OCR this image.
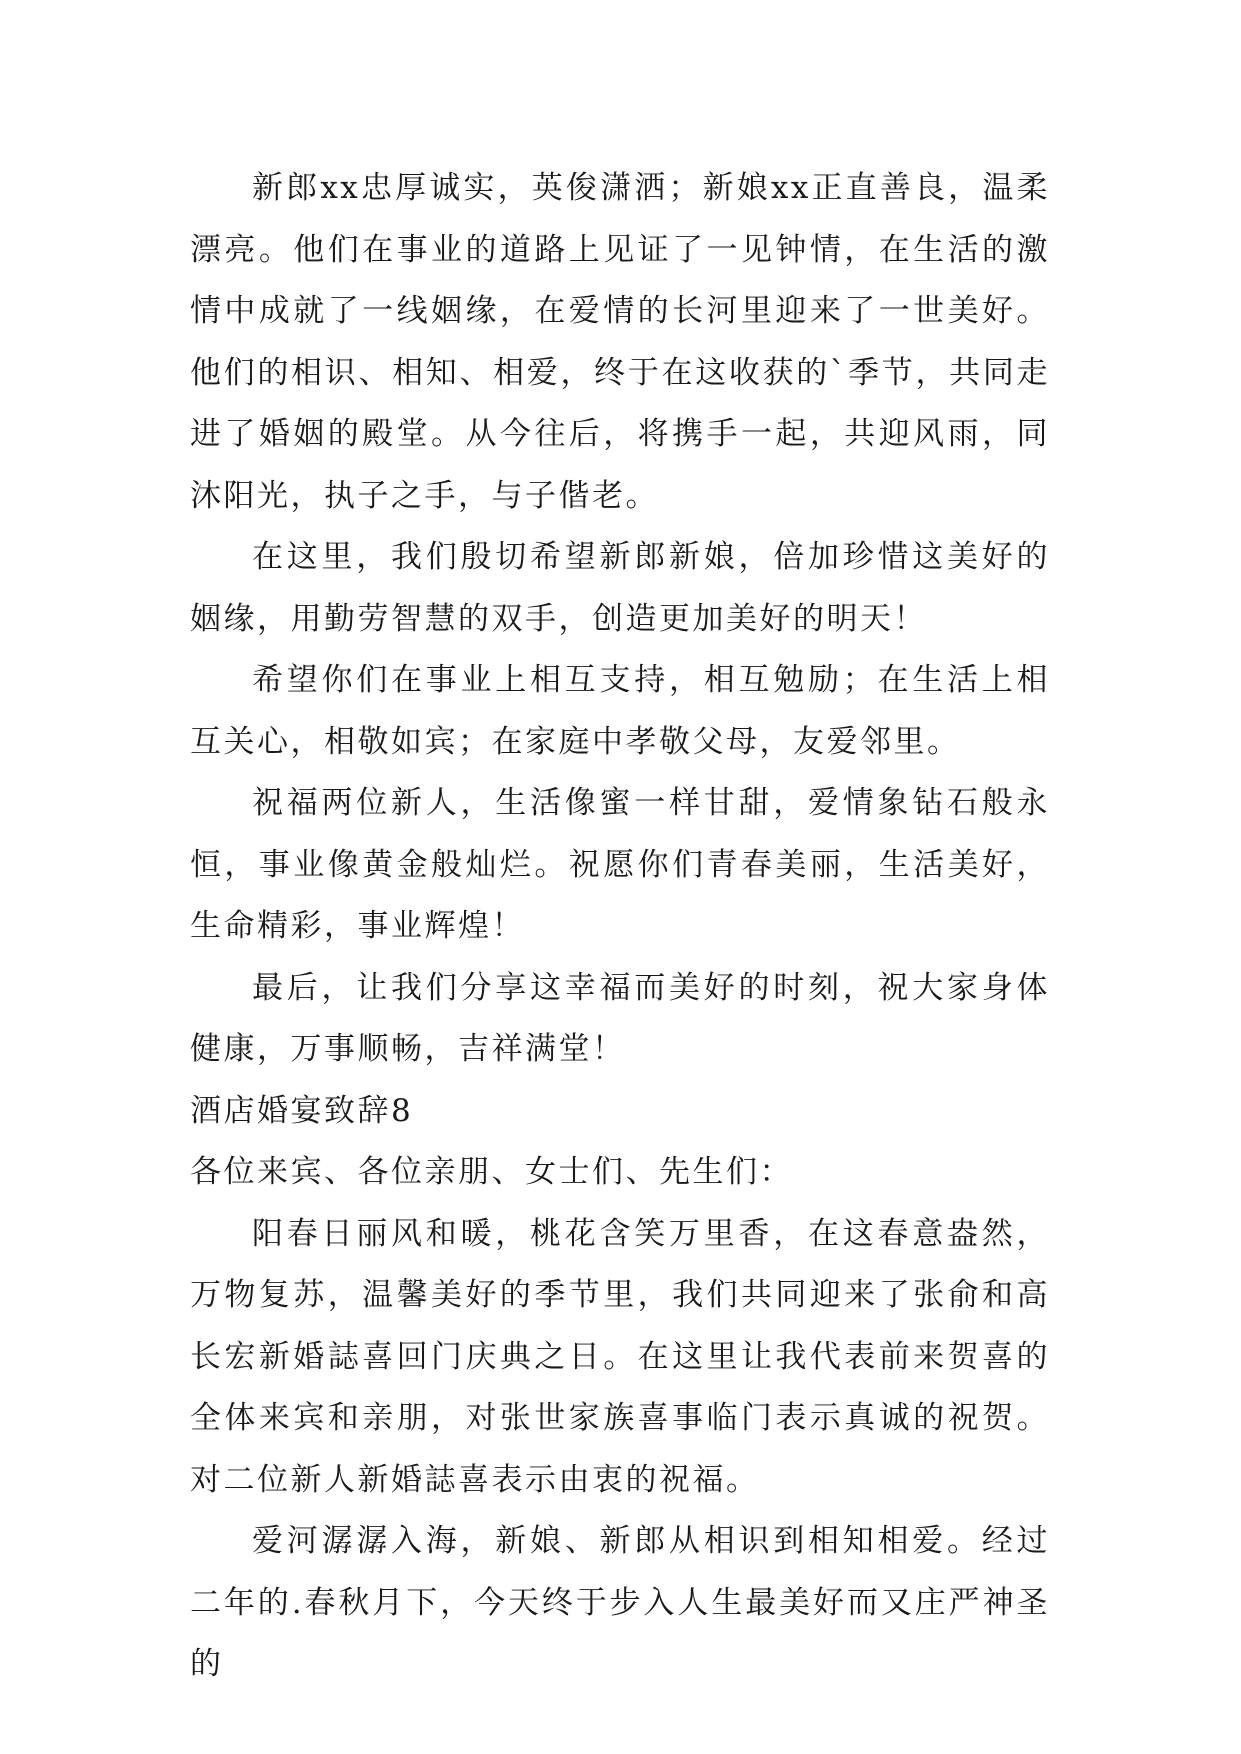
新郎xx忠厚诚实，英俊潇洒；新娘xx正直善良，温柔漂亮。他们在事业的道路上见证了一见钟情，在生活的激情中成就了一线姻缘，在爱情的长河里迎来了一世美好。他们的相识、相知、相爱，终于在这收获的`季节，共同走进了婚姻的殿堂。从今往后，将携手一起，共迎风雨，同沐阳光，执子之手，与子偕老。

在这里，我们殷切希望新郎新娘，倍加珍惜这美好的姻缘，用勤劳智慧的双手，创造更加美好的明天！

希望你们在事业上相互支持，相互勉励；在生活上相互关心，相敬如宾；在家庭中孝敬父母，友爱邻里。

祝福两位新人，生活像蜜一样甘甜，爱情象钻石般永恒，事业像黄金般灿烂。祝愿你们青春美丽，生活美好，生命精彩，事业辉煌！

最后，让我们分享这幸福而美好的时刻，祝大家身体健康，万事顺畅，吉祥满堂！

酒店婚宴致辞8

各位来宾、各位亲朋、女士们、先生们：

阳春日丽风和暖，桃花含笑万里香，在这春意盎然，万物复苏，温馨美好的季节里，我们共同迎来了张俞和高长宏新婚誌喜回门庆典之日。在这里让我代表前来贺喜的全体来宾和亲朋，对张世家族喜事临门表示真诚的祝贺。对二位新人新婚誌喜表示由衷的祝福。

爱河潺潺入海，新娘、新郎从相识到相知相爱。经过二年的.春秋月下，今天终于步入人生最美好而又庄严神圣的
